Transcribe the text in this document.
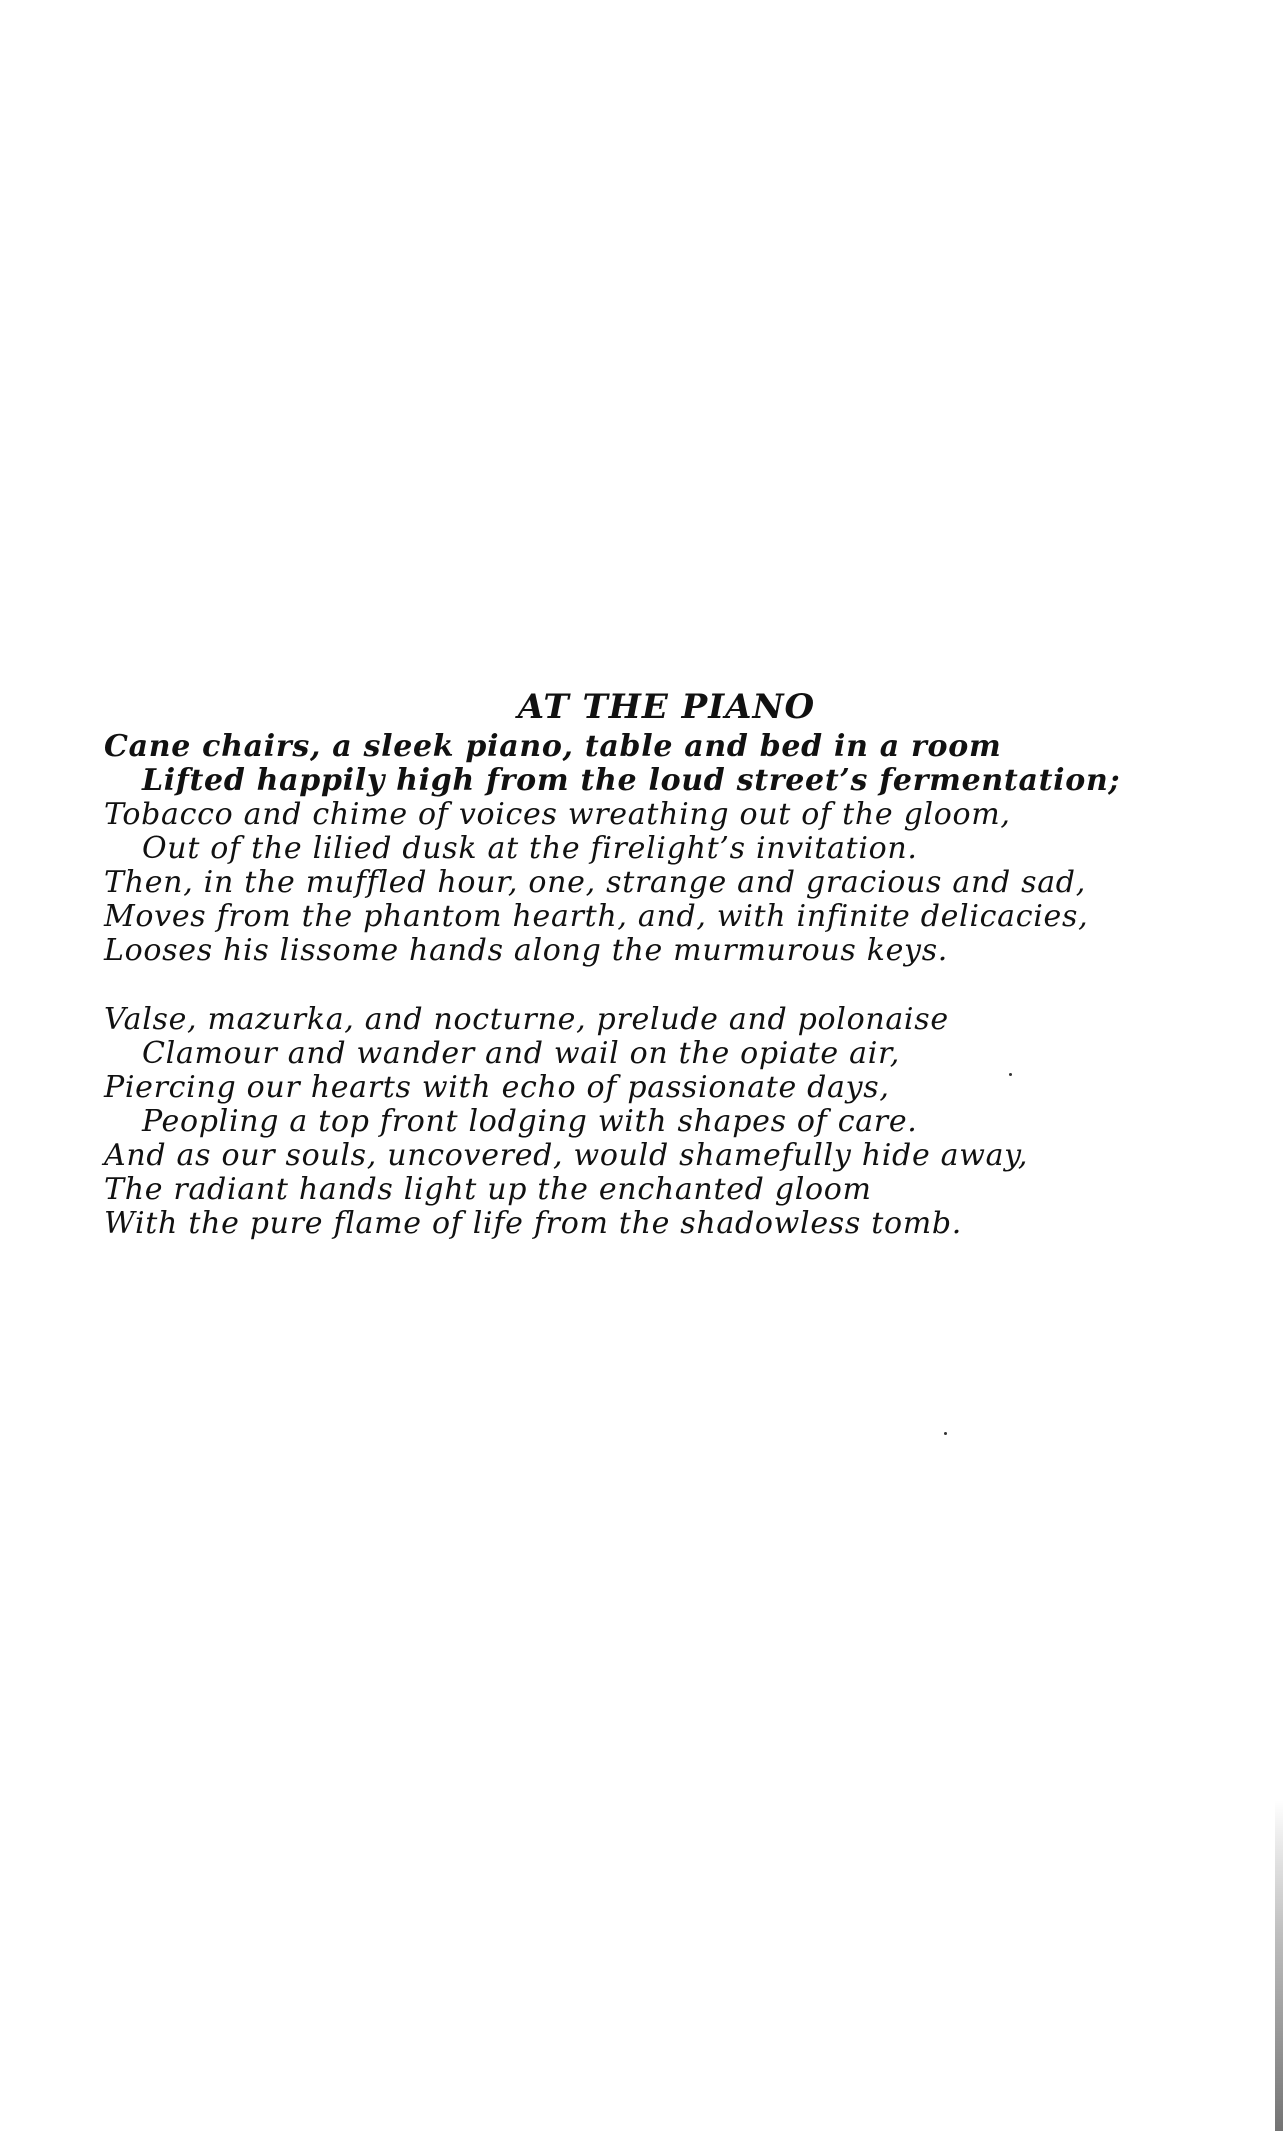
AT THE PIANO
Cane chairs, a sleek piano, table and bed in a room
Lifted happily high from the loud street’s fermentation;
Tobacco and chime of voices wreathing out of the gloom,
Out of the lilied dusk at the firelight’s invitation.
Then, in the muffled hour, one, strange and gracious and sad,
Moves from the phantom hearth, and, with infinite delicacies,
Looses his lissome hands along the murmurous keys.
Valse, mazurka, and nocturne, prelude and polonaise
Clamour and wander and wail on the opiate air,
Piercing our hearts with echo of passionate days,
Peopling a top front lodging with shapes of care.
And as our souls, uncovered, would shamefully hide away,
The radiant hands light up the enchanted gloom
With the pure flame of life from the shadowless tomb.
